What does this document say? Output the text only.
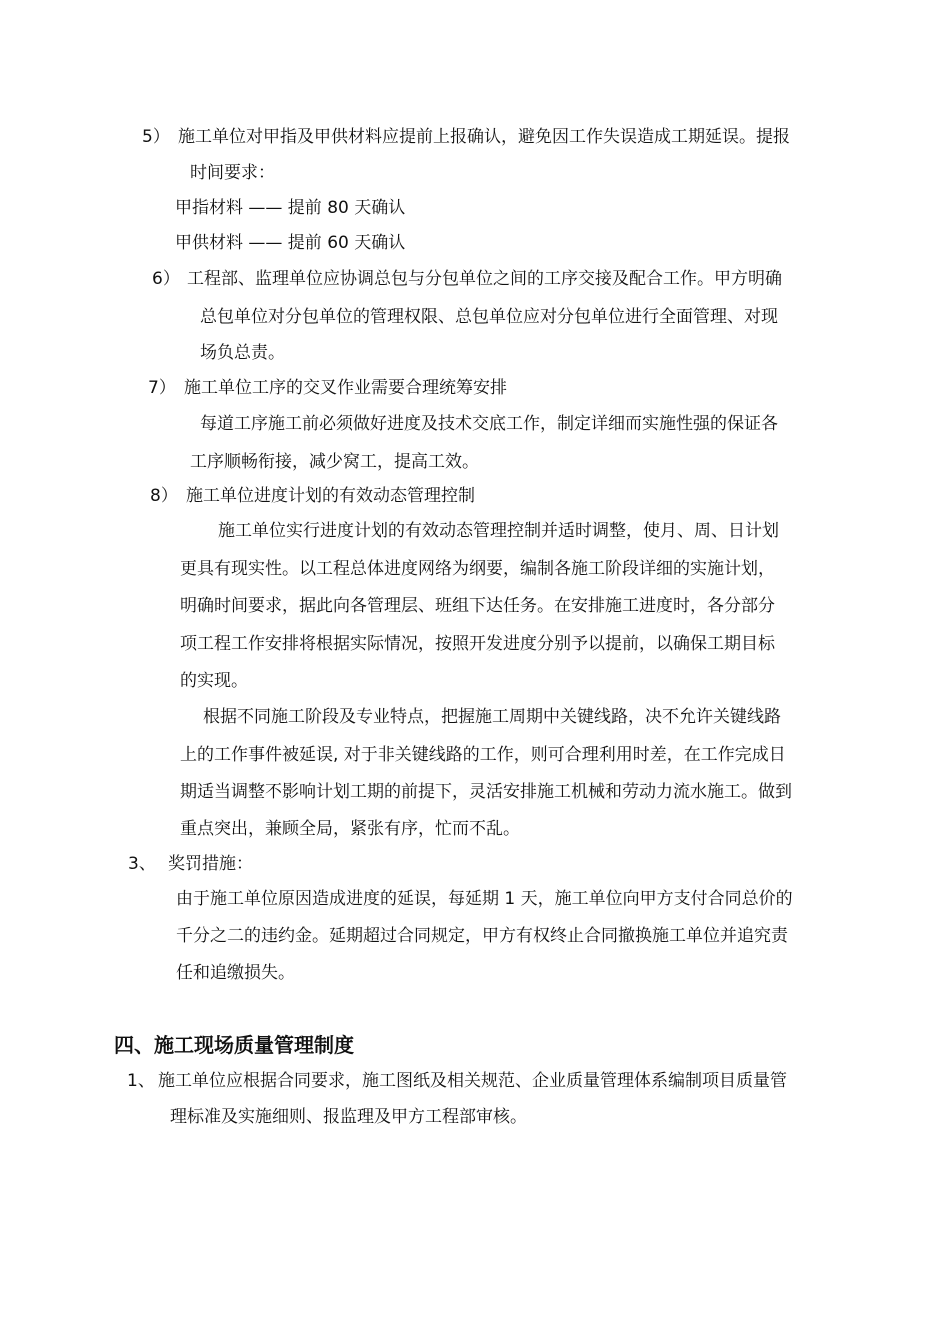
5） 施工单位对甲指及甲供材料应提前上报确认，避免因工作失误造成工期延误。提报
时间要求：
甲指材料 —— 提前 80 天确认
甲供材料 —— 提前 60 天确认
6） 工程部、监理单位应协调总包与分包单位之间的工序交接及配合工作。甲方明确
总包单位对分包单位的管理权限、总包单位应对分包单位进行全面管理、对现
场负总责。
7） 施工单位工序的交叉作业需要合理统筹安排
每道工序施工前必须做好进度及技术交底工作，制定详细而实施性强的保证各
工序顺畅衔接，减少窝工，提高工效。
8） 施工单位进度计划的有效动态管理控制
施工单位实行进度计划的有效动态管理控制并适时调整，使月、周、日计划
更具有现实性。以工程总体进度网络为纲要，编制各施工阶段详细的实施计划，
明确时间要求，据此向各管理层、班组下达任务。在安排施工进度时，各分部分
项工程工作安排将根据实际情况，按照开发进度分别予以提前，以确保工期目标
的实现。
根据不同施工阶段及专业特点，把握施工周期中关键线路，决不允许关键线路
上的工作事件被延误, 对于非关键线路的工作，则可合理利用时差，在工作完成日
期适当调整不影响计划工期的前提下，灵活安排施工机械和劳动力流水施工。做到
重点突出，兼顾全局，紧张有序，忙而不乱。
3、 奖罚措施：
由于施工单位原因造成进度的延误，每延期 1 天，施工单位向甲方支付合同总价的
千分之二的违约金。延期超过合同规定，甲方有权终止合同撤换施工单位并追究责
任和追缴损失。
四、施工现场质量管理制度
1、 施工单位应根据合同要求，施工图纸及相关规范、企业质量管理体系编制项目质量管
理标准及实施细则、报监理及甲方工程部审核。
